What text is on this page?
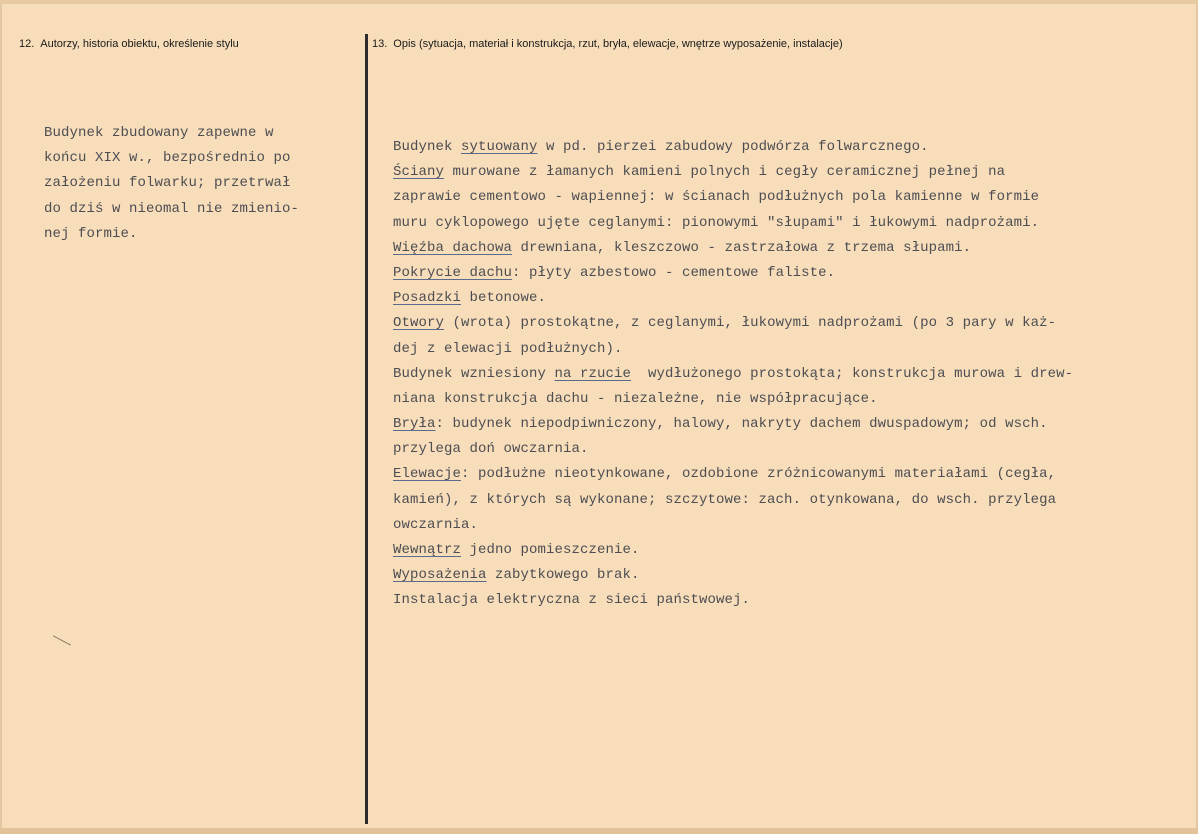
12. Autorzy, historia obiektu, określenie stylu	13. Opis (sytuacja, materiał i konstrukcja, rzut, bryła, elewacje, wnętrze wyposażenie, instalacje)
Budynek zbudowany zapewne w
końcu XIX w., bezpośrednio po
założeniu folwarku; przetrwał
do dziś w nieomal nie zmienio-
nej formie.
Budynek sytuowany w pd. pierzei zabudowy podwórza folwarcznego.
Ściany murowane z łamanych kamieni polnych i cegły ceramicznej pełnej na
zaprawie cementowo - wapiennej: w ścianach podłużnych pola kamienne w formie
muru cyklopowego ujęte ceglanymi: pionowymi "słupami" i łukowymi nadprożami.
Więźba dachowa drewniana, kleszczowo - zastrzałowa z trzema słupami.
Pokrycie dachu: płyty azbestowo - cementowe faliste.
Posadzki betonowe.
Otwory (wrota) prostokątne, z ceglanymi, łukowymi nadprożami (po 3 pary w każ-
dej z elewacji podłużnych).
Budynek wzniesiony na rzucie  wydłużonego prostokąta; konstrukcja murowa i drew-
niana konstrukcja dachu - niezależne, nie współpracujące.
Bryła: budynek niepodpiwniczony, halowy, nakryty dachem dwuspadowym; od wsch.
przylega doń owczarnia.
Elewacje: podłużne nieotynkowane, ozdobione zróżnicowanymi materiałami (cegła,
kamień), z których są wykonane; szczytowe: zach. otynkowana, do wsch. przylega
owczarnia.
Wewnątrz jedno pomieszczenie.
Wyposażenia zabytkowego brak.
Instalacja elektryczna z sieci państwowej.
